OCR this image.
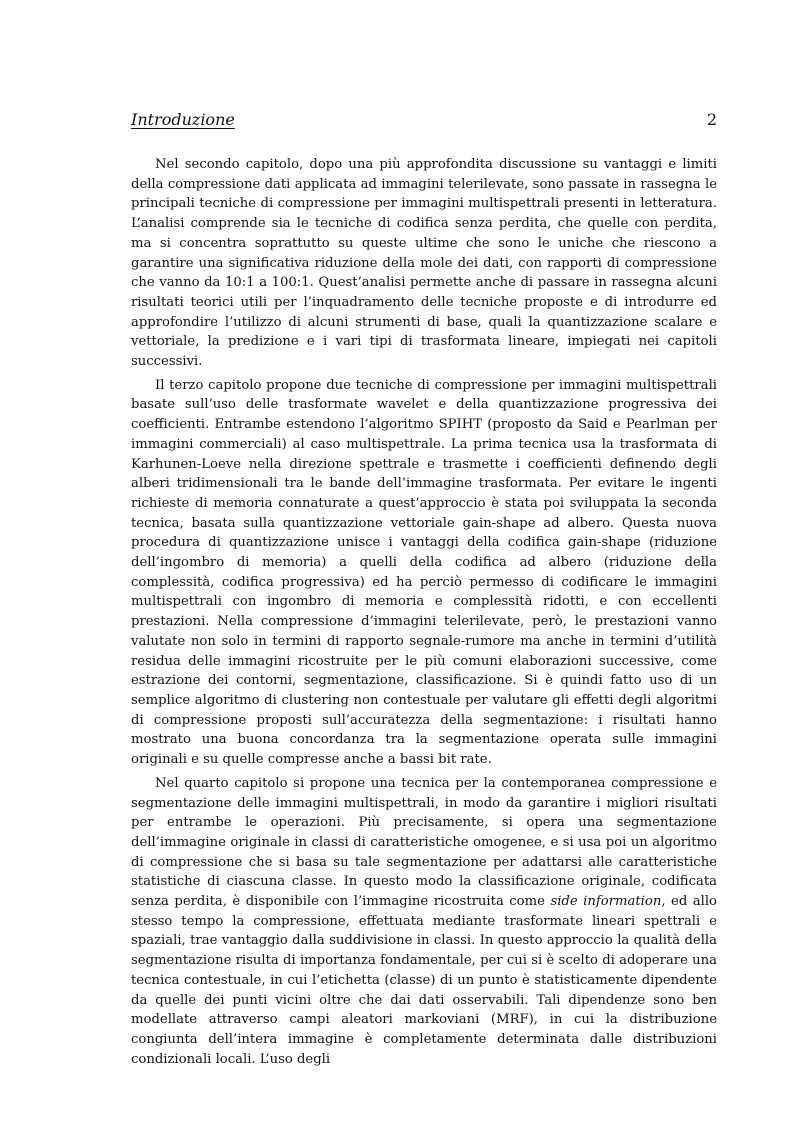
Introduzione	2

Nel secondo capitolo, dopo una più approfondita discussione su vantaggi e limiti della compressione dati applicata ad immagini telerilevate, sono passate in rassegna le principali tecniche di compressione per immagini multispettrali presenti in letteratura. L’analisi comprende sia le tecniche di codifica senza perdita, che quelle con perdita, ma si concentra soprattutto su queste ultime che sono le uniche che riescono a garantire una significativa riduzione della mole dei dati, con rapporti di compressione che vanno da 10:1 a 100:1. Quest’analisi permette anche di passare in rassegna alcuni risultati teorici utili per l’inquadramento delle tecniche proposte e di introdurre ed approfondire l’utilizzo di alcuni strumenti di base, quali la quantizzazione scalare e vettoriale, la predizione e i vari tipi di trasformata lineare, impiegati nei capitoli successivi.

Il terzo capitolo propone due tecniche di compressione per immagini multispettrali basate sull’uso delle trasformate wavelet e della quantizzazione progressiva dei coefficienti. Entrambe estendono l’algoritmo SPIHT (proposto da Said e Pearlman per immagini commerciali) al caso multispettrale. La prima tecnica usa la trasformata di Karhunen-Loeve nella direzione spettrale e trasmette i coefficienti definendo degli alberi tridimensionali tra le bande dell’immagine trasformata. Per evitare le ingenti richieste di memoria connaturate a quest’approccio è stata poi sviluppata la seconda tecnica, basata sulla quantizzazione vettoriale gain-shape ad albero. Questa nuova procedura di quantizzazione unisce i vantaggi della codifica gain-shape (riduzione dell’ingombro di memoria) a quelli della codifica ad albero (riduzione della complessità, codifica progressiva) ed ha perciò permesso di codificare le immagini multispettrali con ingombro di memoria e complessità ridotti, e con eccellenti prestazioni. Nella compressione d’immagini telerilevate, però, le prestazioni vanno valutate non solo in termini di rapporto segnale-rumore ma anche in termini d’utilità residua delle immagini ricostruite per le più comuni elaborazioni successive, come estrazione dei contorni, segmentazione, classificazione. Si è quindi fatto uso di un semplice algoritmo di clustering non contestuale per valutare gli effetti degli algoritmi di compressione proposti sull’accuratezza della segmentazione: i risultati hanno mostrato una buona concordanza tra la segmentazione operata sulle immagini originali e su quelle compresse anche a bassi bit rate.

Nel quarto capitolo si propone una tecnica per la contemporanea compressione e segmentazione delle immagini multispettrali, in modo da garantire i migliori risultati per entrambe le operazioni. Più precisamente, si opera una segmentazione dell’immagine originale in classi di caratteristiche omogenee, e si usa poi un algoritmo di compressione che si basa su tale segmentazione per adattarsi alle caratteristiche statistiche di ciascuna classe. In questo modo la classificazione originale, codificata senza perdita, è disponibile con l’immagine ricostruita come side information, ed allo stesso tempo la compressione, effettuata mediante trasformate lineari spettrali e spaziali, trae vantaggio dalla suddivisione in classi. In questo approccio la qualità della segmentazione risulta di importanza fondamentale, per cui si è scelto di adoperare una tecnica contestuale, in cui l’etichetta (classe) di un punto è statisticamente dipendente da quelle dei punti vicini oltre che dai dati osservabili. Tali dipendenze sono ben modellate attraverso campi aleatori markoviani (MRF), in cui la distribuzione congiunta dell’intera immagine è completamente determinata dalle distribuzioni condizionali locali. L’uso degli
